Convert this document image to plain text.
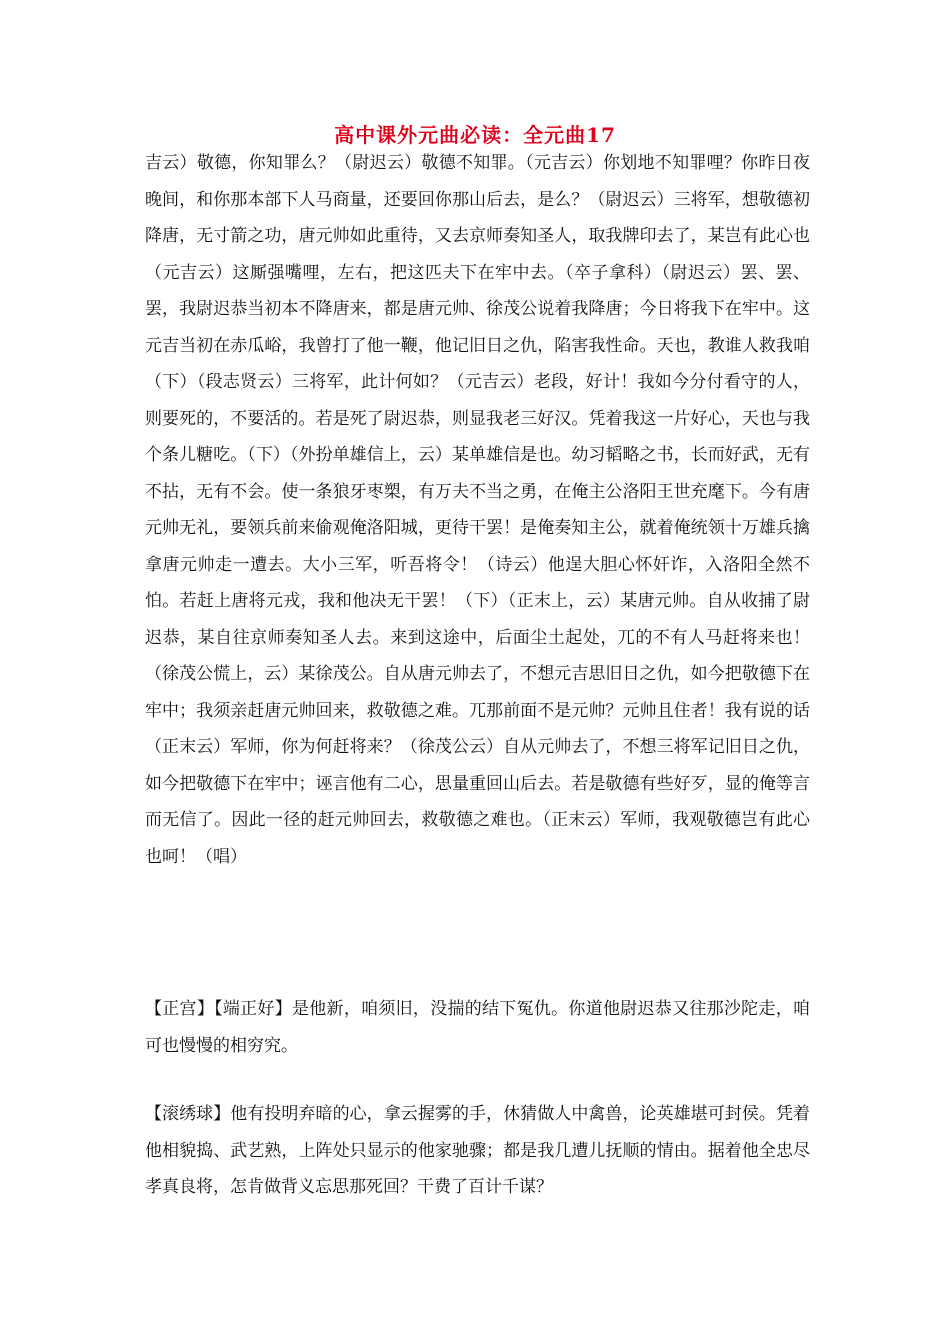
高中课外元曲必读：全元曲17

吉云）敬德，你知罪么？（尉迟云）敬德不知罪。（元吉云）你划地不知罪哩？你昨日夜晚间，和你那本部下人马商量，还要回你那山后去，是么？（尉迟云）三将军，想敬德初降唐，无寸箭之功，唐元帅如此重待，又去京师奏知圣人，取我牌印去了，某岂有此心也（元吉云）这厮强嘴哩，左右，把这匹夫下在牢中去。（卒子拿科）（尉迟云）罢、罢、罢，我尉迟恭当初本不降唐来，都是唐元帅、徐茂公说着我降唐；今日将我下在牢中。这元吉当初在赤瓜峪，我曾打了他一鞭，他记旧日之仇，陷害我性命。天也，教谁人救我咱（下）（段志贤云）三将军，此计何如？（元吉云）老段，好计！我如今分付看守的人，则要死的，不要活的。若是死了尉迟恭，则显我老三好汉。凭着我这一片好心，天也与我个条儿糖吃。（下）（外扮单雄信上，云）某单雄信是也。幼习韬略之书，长而好武，无有不拈，无有不会。使一条狼牙枣槊，有万夫不当之勇，在俺主公洛阳王世充麾下。今有唐元帅无礼，要领兵前来偷观俺洛阳城，更待干罢！是俺奏知主公，就着俺统领十万雄兵擒拿唐元帅走一遭去。大小三军，听吾将令！（诗云）他逞大胆心怀奸诈，入洛阳全然不怕。若赶上唐将元戎，我和他决无干罢！（下）（正末上，云）某唐元帅。自从收捕了尉迟恭，某自往京师奏知圣人去。来到这途中，后面尘土起处，兀的不有人马赶将来也！（徐茂公慌上，云）某徐茂公。自从唐元帅去了，不想元吉思旧日之仇，如今把敬德下在牢中；我须亲赶唐元帅回来，救敬德之难。兀那前面不是元帅？元帅且住者！我有说的话（正末云）军师，你为何赶将来？（徐茂公云）自从元帅去了，不想三将军记旧日之仇，如今把敬德下在牢中；诬言他有二心，思量重回山后去。若是敬德有些好歹，显的俺等言而无信了。因此一径的赶元帅回去，救敬德之难也。（正末云）军师，我观敬德岂有此心也呵！（唱）

【正宫】【端正好】是他新，咱须旧，没揣的结下冤仇。你道他尉迟恭又往那沙陀走，咱可也慢慢的相穷究。

【滚绣球】他有投明弃暗的心，拿云握雾的手，休猜做人中禽兽，论英雄堪可封侯。凭着他相貌捣、武艺熟，上阵处只显示的他家驰骤；都是我几遭儿抚顺的情由。据着他全忠尽孝真良将，怎肯做背义忘思那死回？干费了百计千谋？
